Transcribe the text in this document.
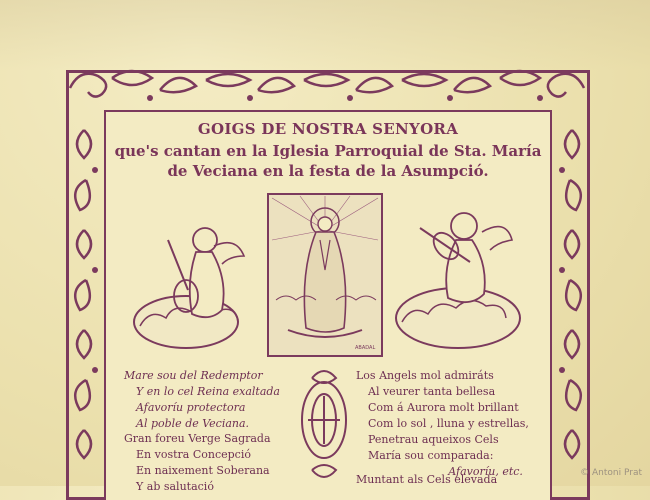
GOIGS DE NOSTRA SENYORA
que's cantan en la Iglesia Parroquial de Sta. María
de Veciana en la festa de la Asumpció.
ABADAL
Mare sou del Redemptor
Y en lo cel Reina exaltada
Afavoríu protectora
Al poble de Veciana.
Gran foreu Verge Sagrada
En vostra Concepció
En naixement Soberana
Y ab salutació
Los Angels mol admiráts
Al veurer tanta bellesa
Com á Aurora molt brillant
Com lo sol , lluna y estrellas,
Penetrau aqueixos Cels
María sou comparada:
Afavoríu, etc.
Muntant als Cels elevada	© Antoni Prat
